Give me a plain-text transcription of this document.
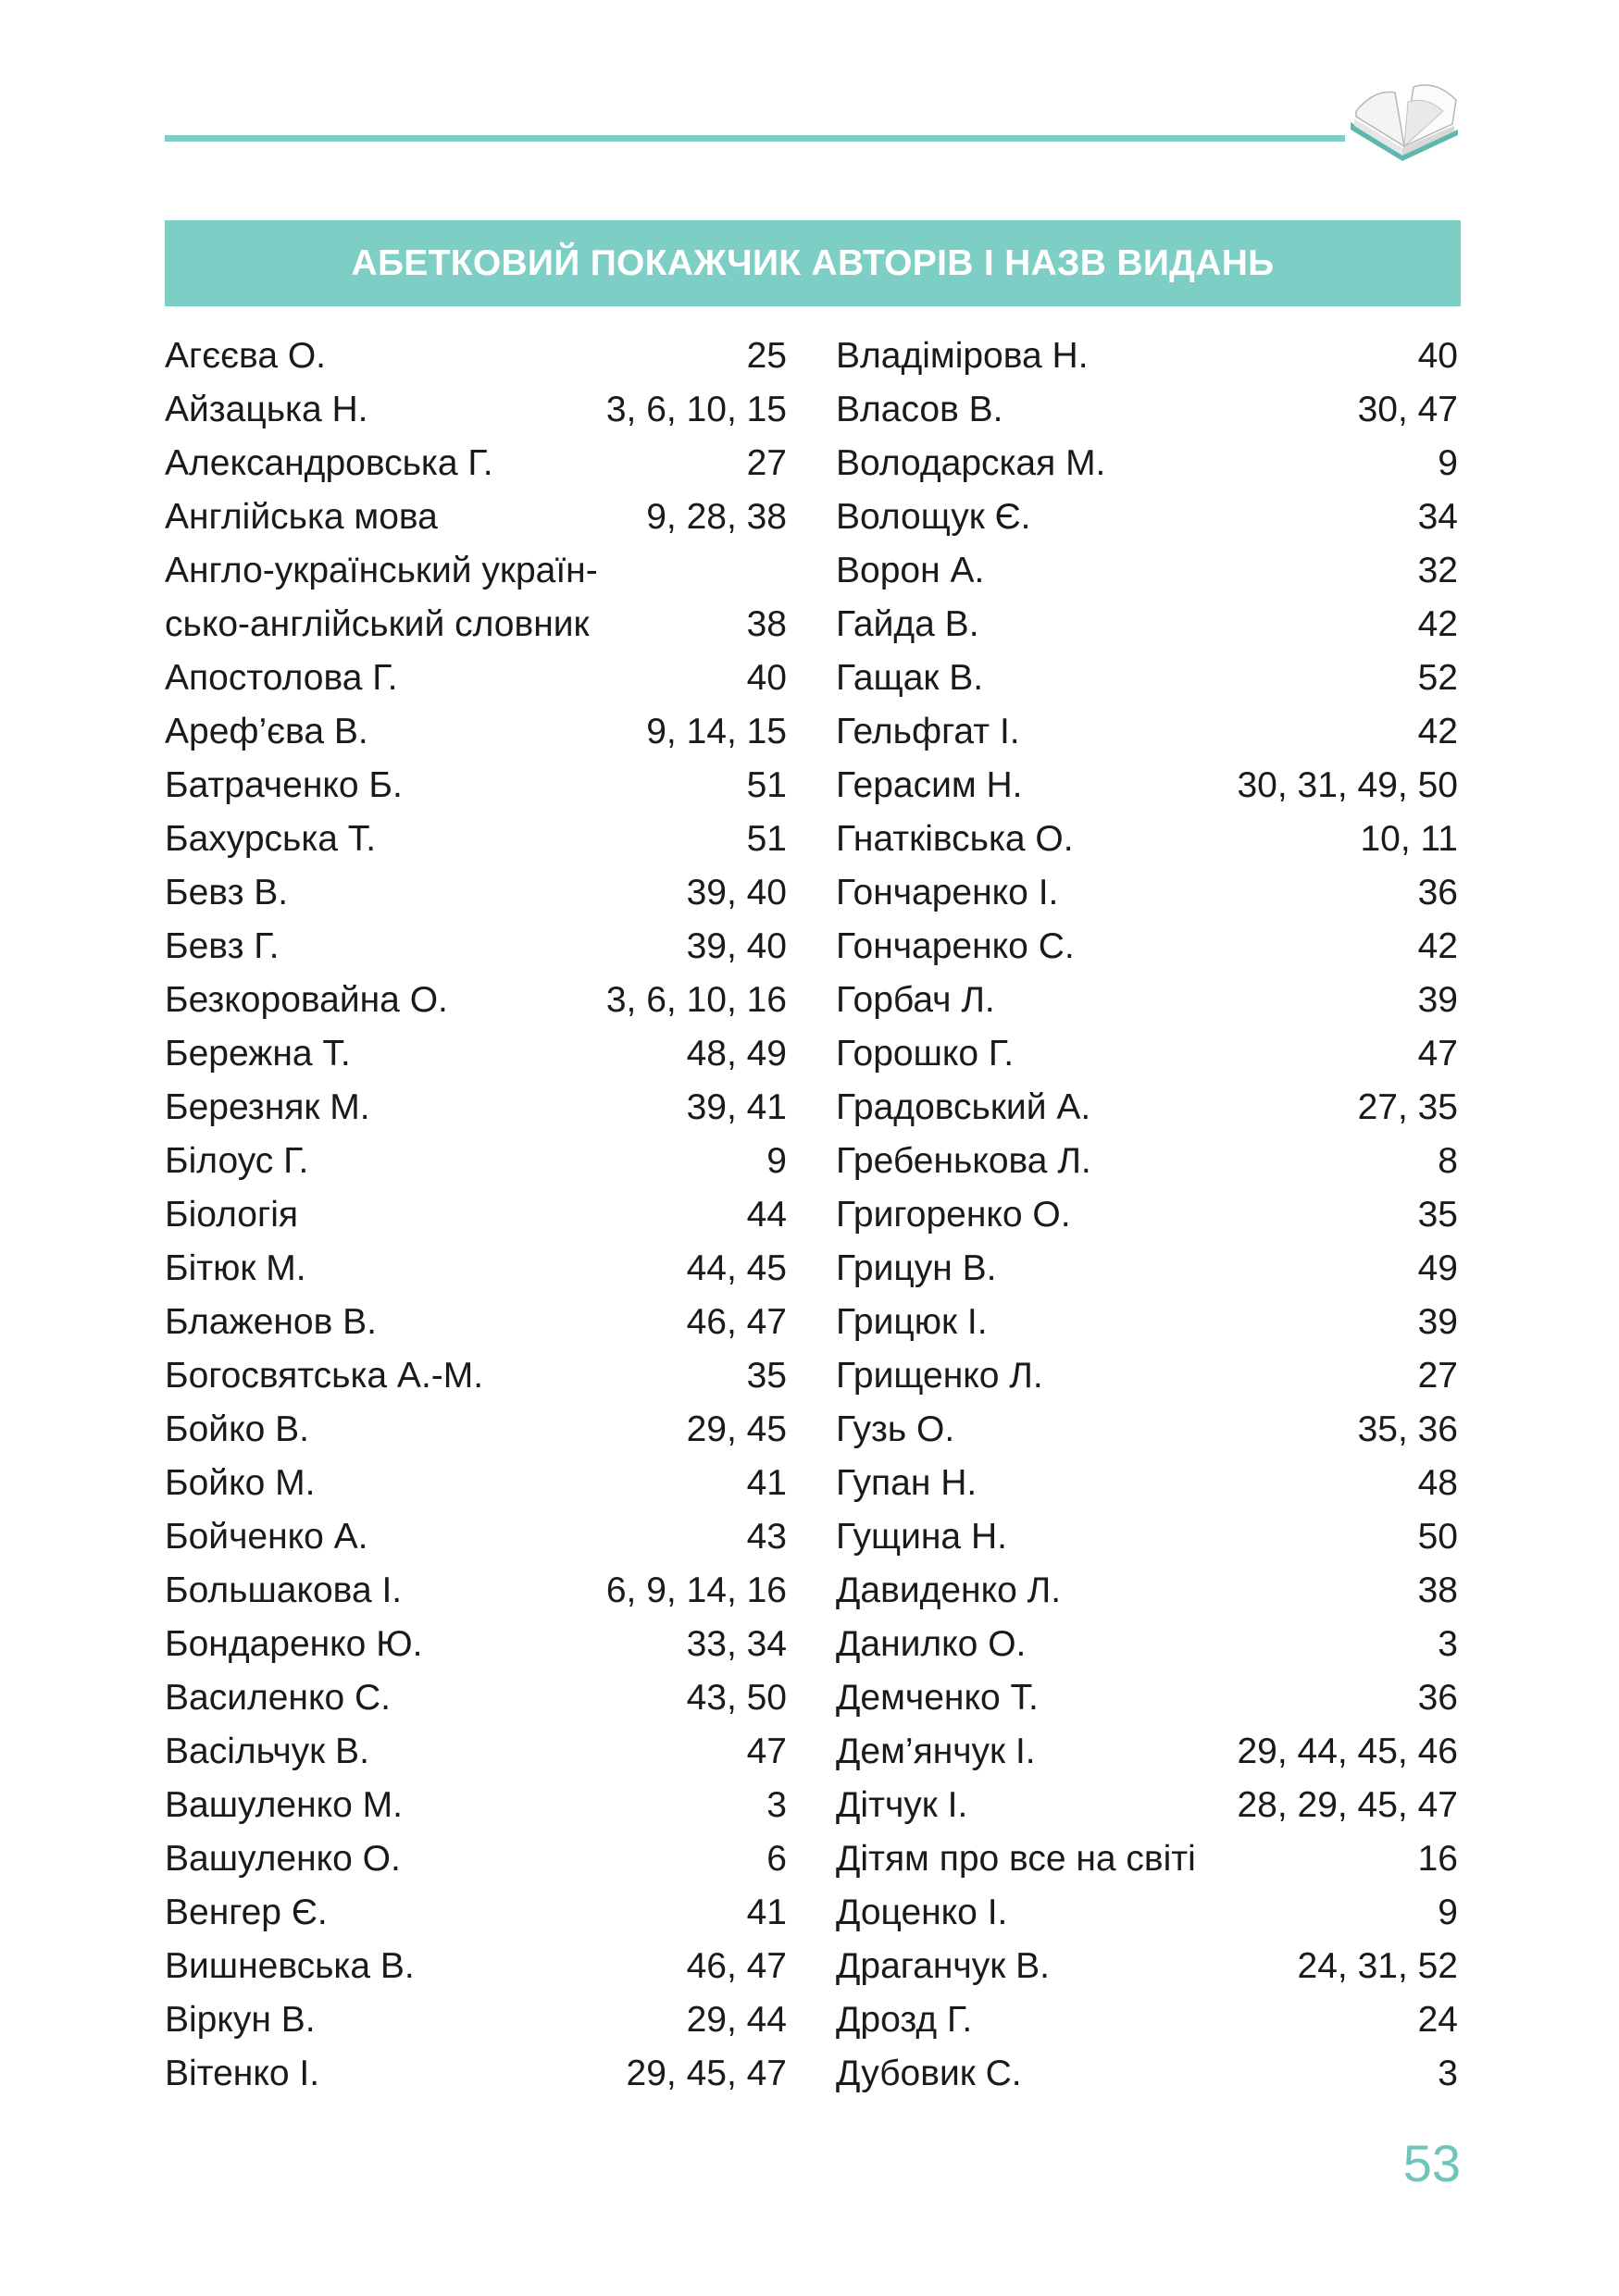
АБЕТКОВИЙ ПОКАЖЧИК АВТОРІВ І НАЗВ ВИДАНЬ
Агєєва О.	25
Айзацька Н.	3, 6, 10, 15
Александровська Г.	27
Англійська мова	9, 28, 38
Англо-український україн-
сько-англійський словник	38
Апостолова Г.	40
Ареф’єва В.	9, 14, 15
Батраченко Б.	51
Бахурська Т.	51
Бевз В.	39, 40
Бевз Г.	39, 40
Безкоровайна О.	3, 6, 10, 16
Бережна Т.	48, 49
Березняк М.	39, 41
Білоус Г.	9
Біологія	44
Бітюк М.	44, 45
Блаженов В.	46, 47
Богосвятська А.-М.	35
Бойко В.	29, 45
Бойко М.	41
Бойченко А.	43
Большакова І.	6, 9, 14, 16
Бондаренко Ю.	33, 34
Василенко С.	43, 50
Васільчук В.	47
Вашуленко М.	3
Вашуленко О.	6
Венгер Є.	41
Вишневська В.	46, 47
Віркун В.	29, 44
Вітенко І.	29, 45, 47
Владімірова Н.	40
Власов В.	30, 47
Володарская М.	9
Волощук Є.	34
Ворон А.	32
Гайда В.	42
Гащак В.	52
Гельфгат І.	42
Герасим Н.	30, 31, 49, 50
Гнатківська О.	10, 11
Гончаренко І.	36
Гончаренко С.	42
Горбач Л.	39
Горошко Г.	47
Градовський А.	27, 35
Гребенькова Л.	8
Григоренко О.	35
Грицун В.	49
Грицюк І.	39
Грищенко Л.	27
Гузь О.	35, 36
Гупан Н.	48
Гущина Н.	50
Давиденко Л.	38
Данилко О.	3
Демченко Т.	36
Дем’янчук І.	29, 44, 45, 46
Дітчук І.	28, 29, 45, 47
Дітям про все на світі	16
Доценко І.	9
Драганчук В.	24, 31, 52
Дрозд Г.	24
Дубовик С.	3
53
